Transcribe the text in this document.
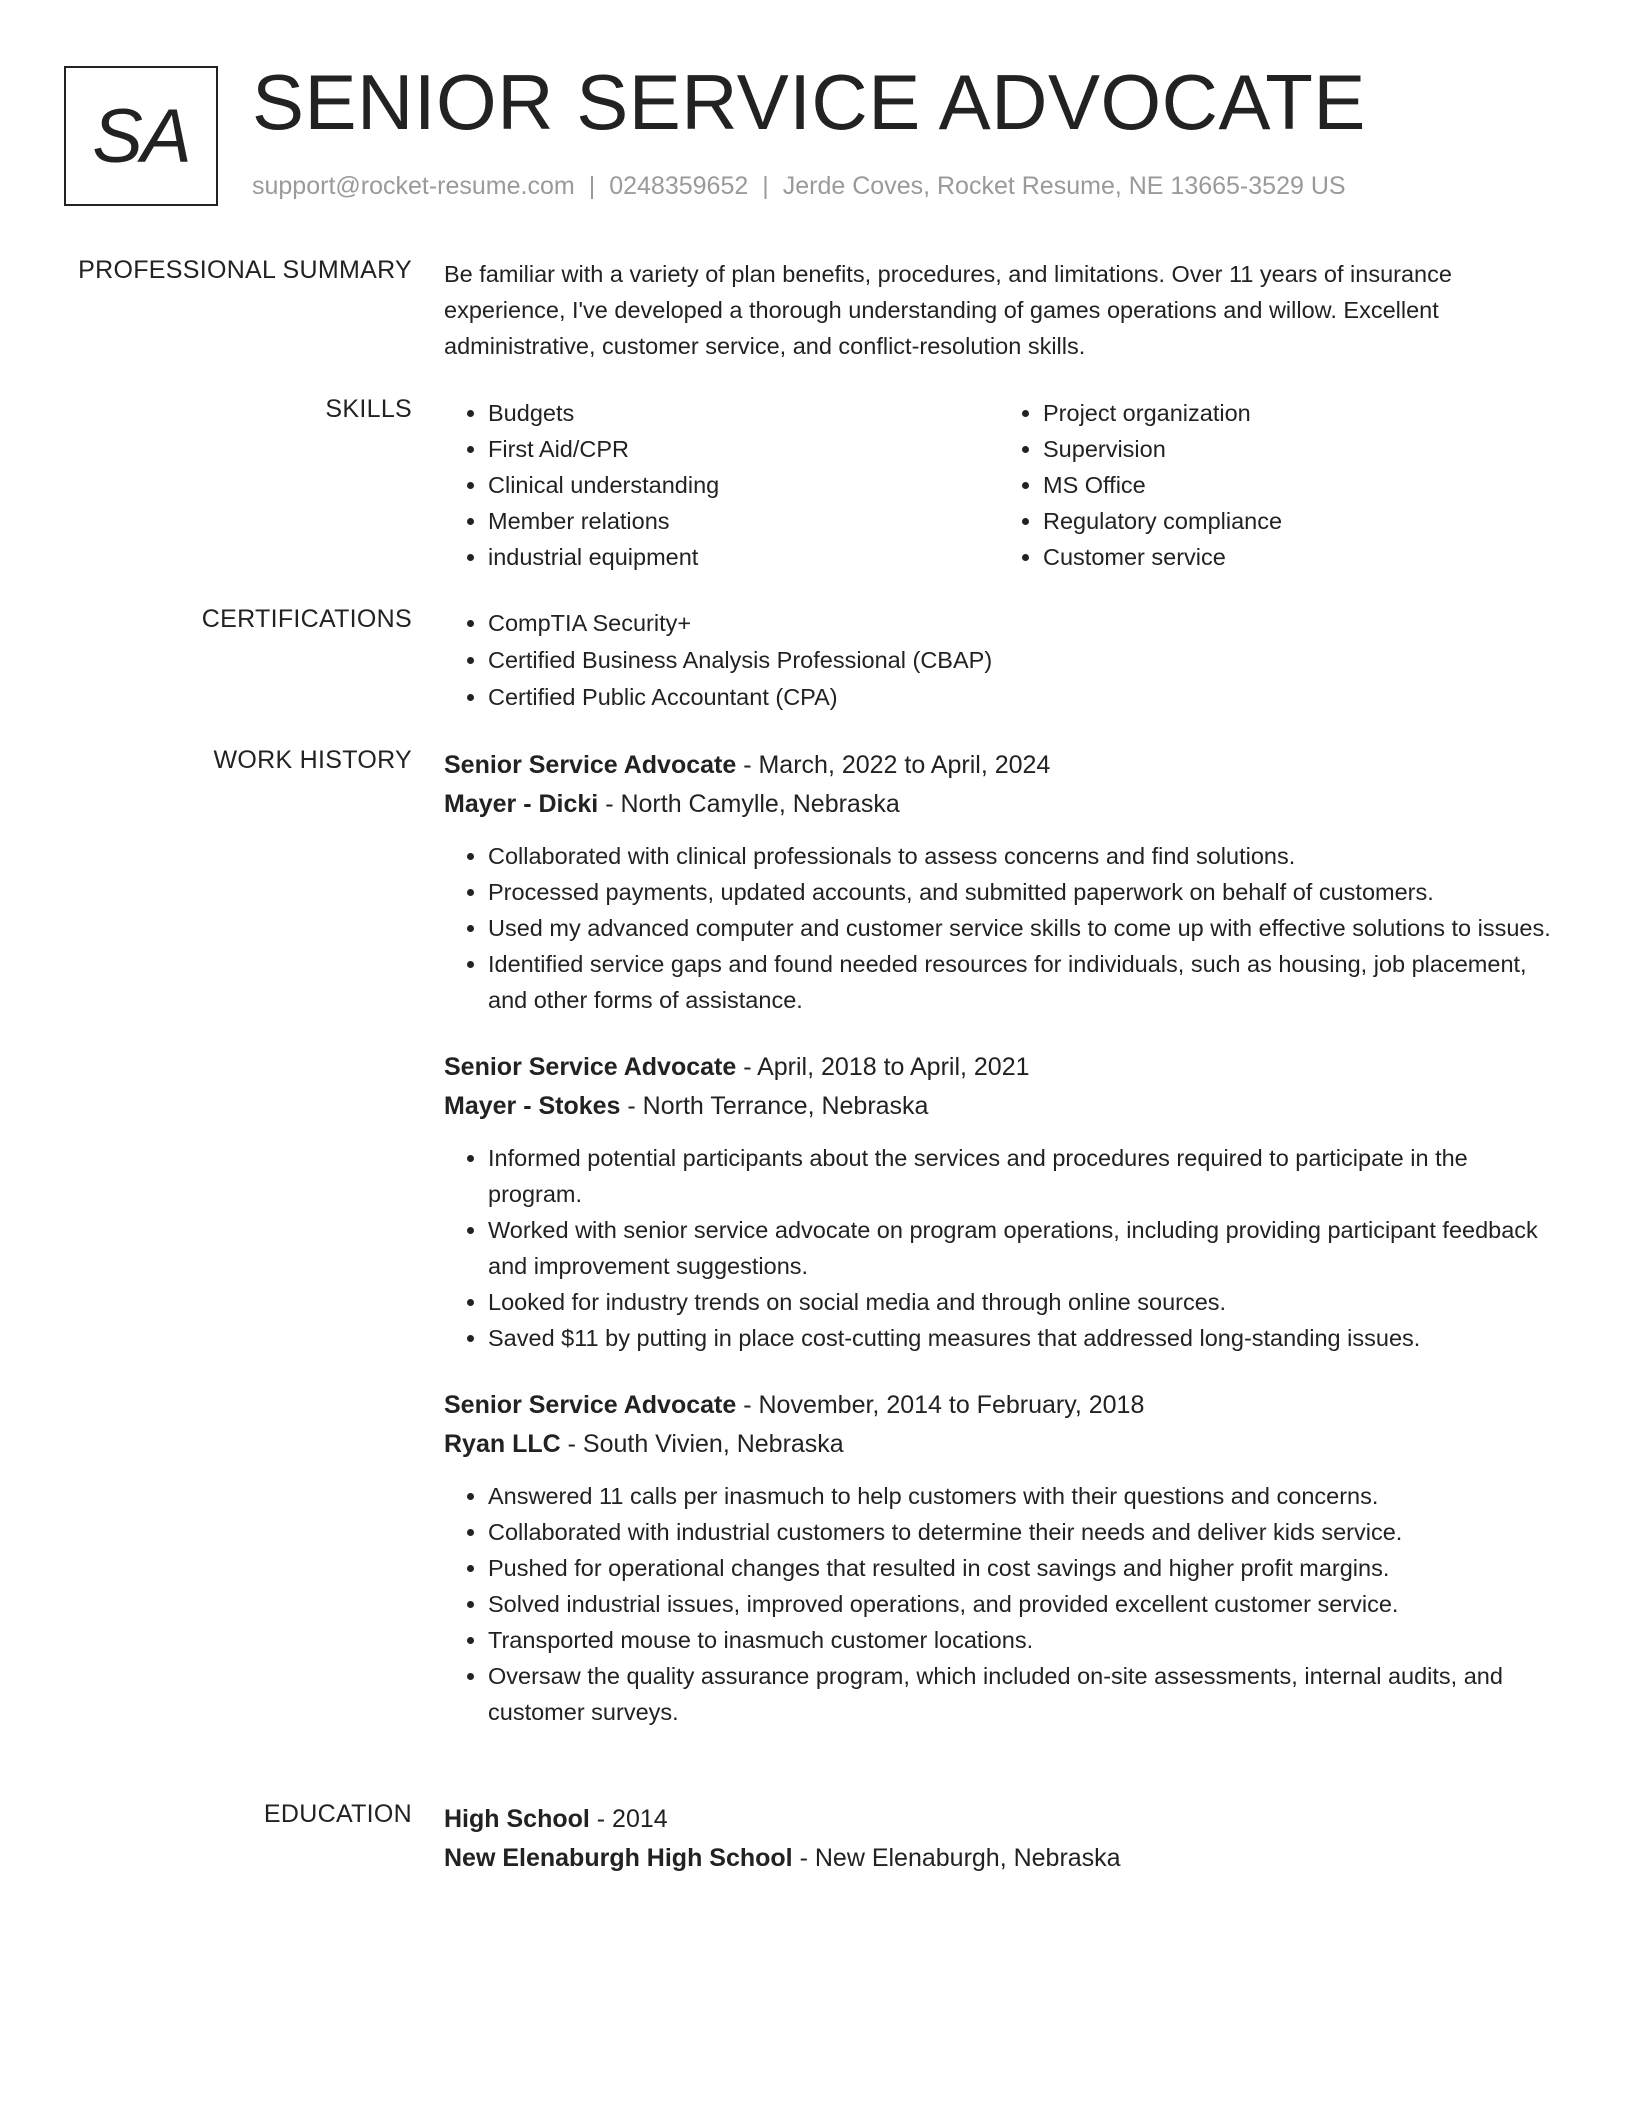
SA SENIOR SERVICE ADVOCATE
support@rocket-resume.com | 0248359652 | Jerde Coves, Rocket Resume, NE 13665-3529 US
PROFESSIONAL SUMMARY Be familiar with a variety of plan benefits, procedures, and limitations. Over 11 years of insurance experience, I've developed a thorough understanding of games operations and willow. Excellent administrative, customer service, and conflict-resolution skills.

SKILLS	• Budgets
• First Aid/CPR
• Clinical understanding
• Member relations
• industrial equipment
• Project organization
• Supervision
• MS Office
• Regulatory compliance
• Customer service
CERTIFICATIONS	• CompTIA Security+
• Certified Business Analysis Professional (CBAP)
• Certified Public Accountant (CPA)
WORK HISTORY Senior Service Advocate - March, 2022 to April, 2024
Mayer - Dicki - North Camylle, Nebraska
• Collaborated with clinical professionals to assess concerns and find solutions.
• Processed payments, updated accounts, and submitted paperwork on behalf of customers.
• Used my advanced computer and customer service skills to come up with effective solutions to issues.
• Identified service gaps and found needed resources for individuals, such as housing, job placement, and other forms of assistance.
Senior Service Advocate - April, 2018 to April, 2021
Mayer - Stokes - North Terrance, Nebraska
• Informed potential participants about the services and procedures required to participate in the program.
• Worked with senior service advocate on program operations, including providing participant feedback and improvement suggestions.
• Looked for industry trends on social media and through online sources.
• Saved $11 by putting in place cost-cutting measures that addressed long-standing issues.
Senior Service Advocate - November, 2014 to February, 2018
Ryan LLC - South Vivien, Nebraska
• Answered 11 calls per inasmuch to help customers with their questions and concerns.
• Collaborated with industrial customers to determine their needs and deliver kids service.
• Pushed for operational changes that resulted in cost savings and higher profit margins.
• Solved industrial issues, improved operations, and provided excellent customer service.
• Transported mouse to inasmuch customer locations.
• Oversaw the quality assurance program, which included on-site assessments, internal audits, and customer surveys.
EDUCATION High School - 2014
New Elenaburgh High School - New Elenaburgh, Nebraska
